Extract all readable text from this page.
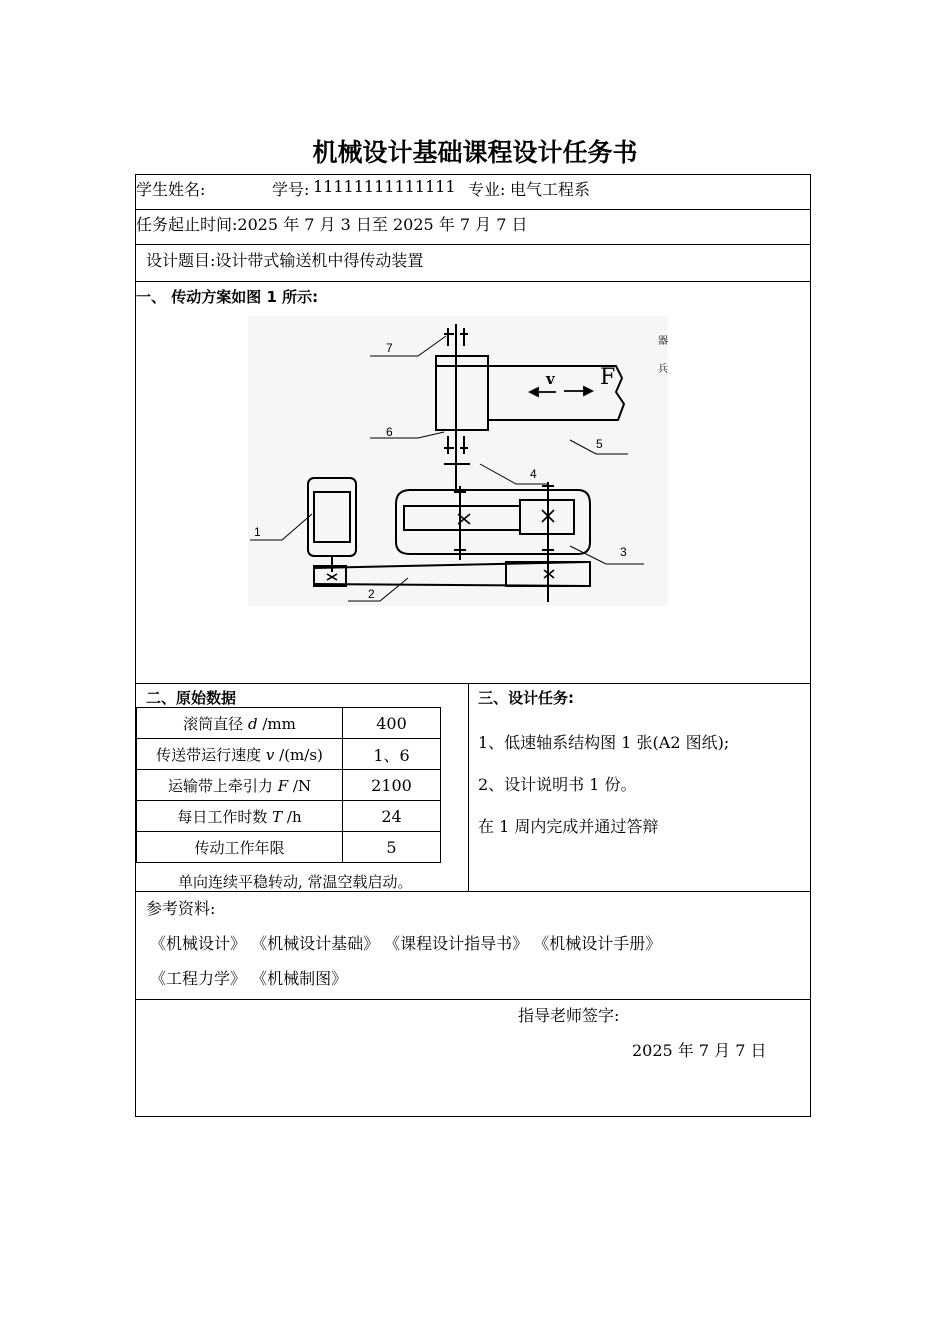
机械设计基础课程设计任务书
学生姓名:	学号: 11111111111111 专业: 电气工程系
任务起止时间:2025 年 7 月 3 日至 2025 年 7 月 7 日
设计题目:设计带式输送机中得传动装置
一、 传动方案如图 1 所示:
7
6
5
4
3
2
1
v F
器
兵
二、原始数据
滚筒直径 d /mm	400
传送带运行速度 v /(m/s)	1、6
运输带上牵引力 F /N	2100
每日工作时数 T /h	24
传动工作年限	5
单向连续平稳转动, 常温空载启动。
三、设计任务:
1、低速轴系结构图 1 张(A2 图纸);
2、设计说明书 1 份。
在 1 周内完成并通过答辩
参考资料:
《机械设计》 《机械设计基础》 《课程设计指导书》 《机械设计手册》
《工程力学》 《机械制图》
指导老师签字:
2025 年 7 月 7 日
